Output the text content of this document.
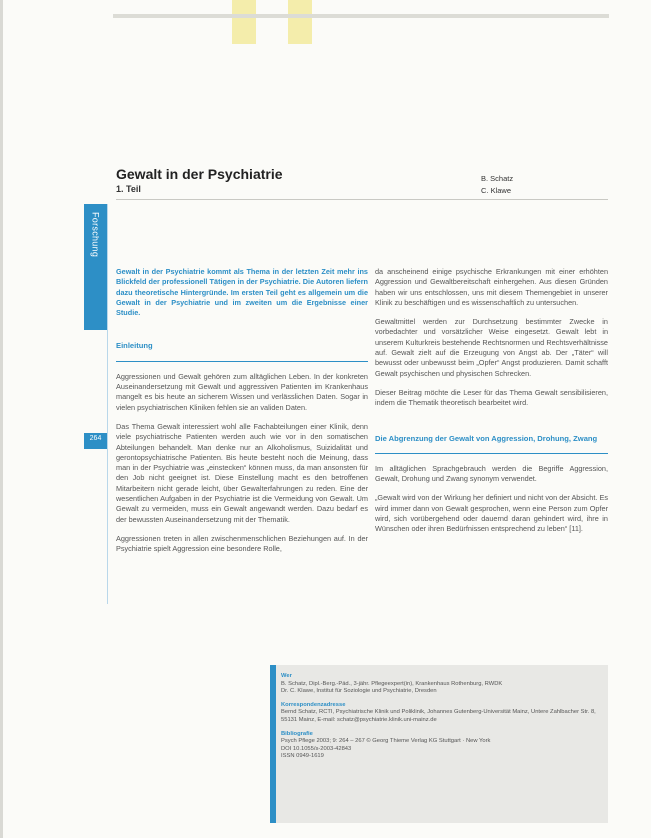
Gewalt in der Psychiatrie
1. Teil
B. Schatz
C. Klawe
Forschung
264

Gewalt in der Psychiatrie kommt als Thema in der letzten Zeit mehr ins Blickfeld der professionell Tätigen in der Psychiatrie. Die Autoren liefern dazu theoretische Hintergründe. Im ersten Teil geht es allgemein um die Gewalt in der Psychiatrie und im zweiten um die Ergebnisse einer Studie.

Einleitung

Aggressionen und Gewalt gehören zum alltäglichen Leben. In der konkreten Auseinandersetzung mit Gewalt und aggressiven Patienten im Krankenhaus mangelt es bis heute an sicherem Wissen und verlässlichen Daten. Sogar in vielen psychiatrischen Kliniken fehlen sie an validen Daten.

Das Thema Gewalt interessiert wohl alle Fachabteilungen einer Klinik, denn viele psychiatrische Patienten werden auch wie vor in den somatischen Abteilungen behandelt. Man denke nur an Alkoholismus, Suizidalität und gerontopsychiatrische Patienten. Bis heute besteht noch die Meinung, dass man in der Psychiatrie was „einstecken“ können muss, da man ansonsten für den Job nicht geeignet ist. Diese Einstellung macht es den betroffenen Mitarbeitern nicht gerade leicht, über Gewalterfahrungen zu reden. Eine der wesentlichen Aufgaben in der Psychiatrie ist die Vermeidung von Gewalt. Um Gewalt zu vermeiden, muss ein Gewalt angewandt werden. Dazu bedarf es der bewussten Auseinandersetzung mit der Thematik.

Aggressionen treten in allen zwischenmenschlichen Beziehungen auf. In der Psychiatrie spielt Aggression eine besondere Rolle,

da anscheinend einige psychische Erkrankungen mit einer erhöhten Aggression und Gewaltbereitschaft einhergehen. Aus diesen Gründen haben wir uns entschlossen, uns mit diesem Themengebiet in unserer Klinik zu beschäftigen und es wissenschaftlich zu untersuchen.

Gewaltmittel werden zur Durchsetzung bestimmter Zwecke in vorbedachter und vorsätzlicher Weise eingesetzt. Gewalt lebt in unserem Kulturkreis bestehende Rechtsnormen und Rechtsverhältnisse auf. Gewalt zielt auf die Erzeugung von Angst ab. Der „Täter“ will bewusst oder unbewusst beim „Opfer“ Angst produzieren. Damit schafft Gewalt psychischen und physischen Schrecken.

Dieser Beitrag möchte die Leser für das Thema Gewalt sensibilisieren, indem die Thematik theoretisch bearbeitet wird.

Die Abgrenzung der Gewalt von Aggression, Drohung, Zwang

Im alltäglichen Sprachgebrauch werden die Begriffe Aggression, Gewalt, Drohung und Zwang synonym verwendet.

„Gewalt wird von der Wirkung her definiert und nicht von der Absicht. Es wird immer dann von Gewalt gesprochen, wenn eine Person zum Opfer wird, sich vorübergehend oder dauernd daran gehindert wird, ihre in Wünschen oder ihren Bedürfnissen entsprechend zu leben“ [11].

Wer
B. Schatz, Dipl.-Berg.-Päd., 3-jähr. Pflegeexpert(in), Krankenhaus Rothenburg, RWDK
Dr. C. Klawe, Institut für Soziologie und Psychiatrie, Dresden
Korrespondenzadresse
Bernd Schatz, RCTI, Psychiatrische Klinik und Poliklinik, Johannes Gutenberg-Universität Mainz, Untere Zahlbacher Str. 8, 55131 Mainz, E-mail: schatz@psychiatrie.klinik.uni-mainz.de
Bibliografie
Psych Pflege 2003; 9: 264 – 267 © Georg Thieme Verlag KG Stuttgart · New York
DOI 10.1055/s-2003-42843
ISSN 0949-1619
